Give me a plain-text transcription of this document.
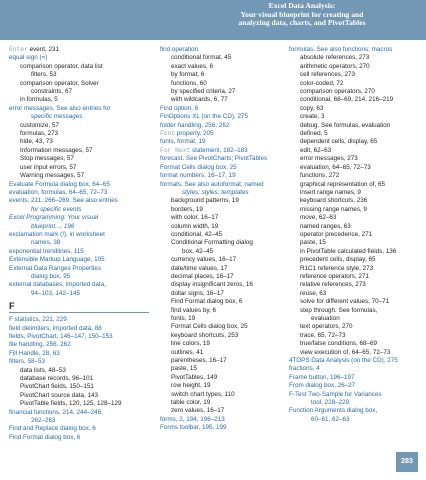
Excel Data Analysis:
Your visual blueprint for creating and
analyzing data, charts, and PivotTables
Enter event, 231
equal sign (=)
comparison operator, data list
filters, 53
comparison operator, Solver
constraints, 67
in formulas, 5
error messages. See also entries for
specific messages
customize, 57
formulas, 273
hide, 43, 73
Information messages, 57
Stop messages, 57
user input errors, 57
Warning messages, 57
Evaluate Formula dialog box, 64–65
evaluation, formulas, 64–65, 72–73
events, 211, 266–269. See also entries
for specific events
Excel Programming: Your visual
blueprint..., 196
exclamation mark (!), in worksheet
names, 38
exponential trendlines, 115
Extensible Markup Language, 105
External Data Ranges Properties
dialog box, 95
external databases, imported data,
94–103, 142–145
F
F statistics, 221, 229
field delimiters, imported data, 88
fields, PivotChart, 146–147, 150–153
file handling, 256, 262
Fill Handle, 28, 63
filters, 58–53
data lists, 48–53
database records, 96–101
PivotChart fields, 150–151
PivotChart source data, 143
PivotTable fields, 120, 125, 128–129
financial functions, 214, 244–246,
262–263
Find and Replace dialog box, 6
Find Format dialog box, 6
find operation
conditional format, 45
exact values, 6
by format, 6
functions, 60
by specified criteria, 27
with wildcards, 6, 77
Find option, 6
FinOptions XL (on the CD), 275
folder handling, 256, 262
Font property, 205
fonts, format, 19
For Next statement, 182–183
forecast. See PivotCharts; PivotTables
Format Cells dialog box, 25
format numbers, 16–17, 19
formats. See also autoformat; named
styles; styles; templates
background patterns, 19
borders, 19
with color, 16–17
column width, 19
conditional, 42–45
Conditional Formatting dialog
box, 42–45
currency values, 16–17
date/time values, 17
decimal places, 16–17
display insignificant zeros, 16
dollar signs, 16–17
Find Format dialog box, 6
find values by, 6
fonts, 19
Format Cells dialog box, 25
keyboard shortcuts, 253
line colors, 19
outlines, 41
parentheses, 16–17
paste, 15
PivotTables, 149
row height, 19
switch chart types, 110
table color, 19
zero values, 16–17
forms, 2, 194, 196–213
Forms toolbar, 195, 199
formulas. See also functions; macros
absolute references, 273
arithmetic operators, 270
cell references, 273
color-coded, 72
comparison operators, 270
conditional, 68–69, 214, 216–219
copy, 63
create, 3
debug. See formulas, evaluation
defined, 5
dependent cells, display, 65
edit, 62–63
error messages, 273
evaluation, 64–65, 72–73
functions, 272
graphical representation of, 65
insert range names, 9
keyboard shortcuts, 236
missing range names, 9
move, 62–63
named ranges, 63
operator precedence, 271
paste, 15
in PivotTable calculated fields, 136
precedent cells, display, 65
R1C1 reference style, 273
reference operators, 271
relative references, 273
reuse, 63
solve for different values, 70–71
step through. See formulas,
evaluation
text operators, 270
trace, 65, 72–73
true/false conditions, 68–69
view execution of, 64–65, 72–73
4TOPS Data Analysis (on the CD), 275
fractions, 4
Frame button, 196–197
From dialog box, 26–27
F-Test Two-Sample for Variances
tool, 228–229
Function Arguments dialog box,
60–61, 62–63
283
